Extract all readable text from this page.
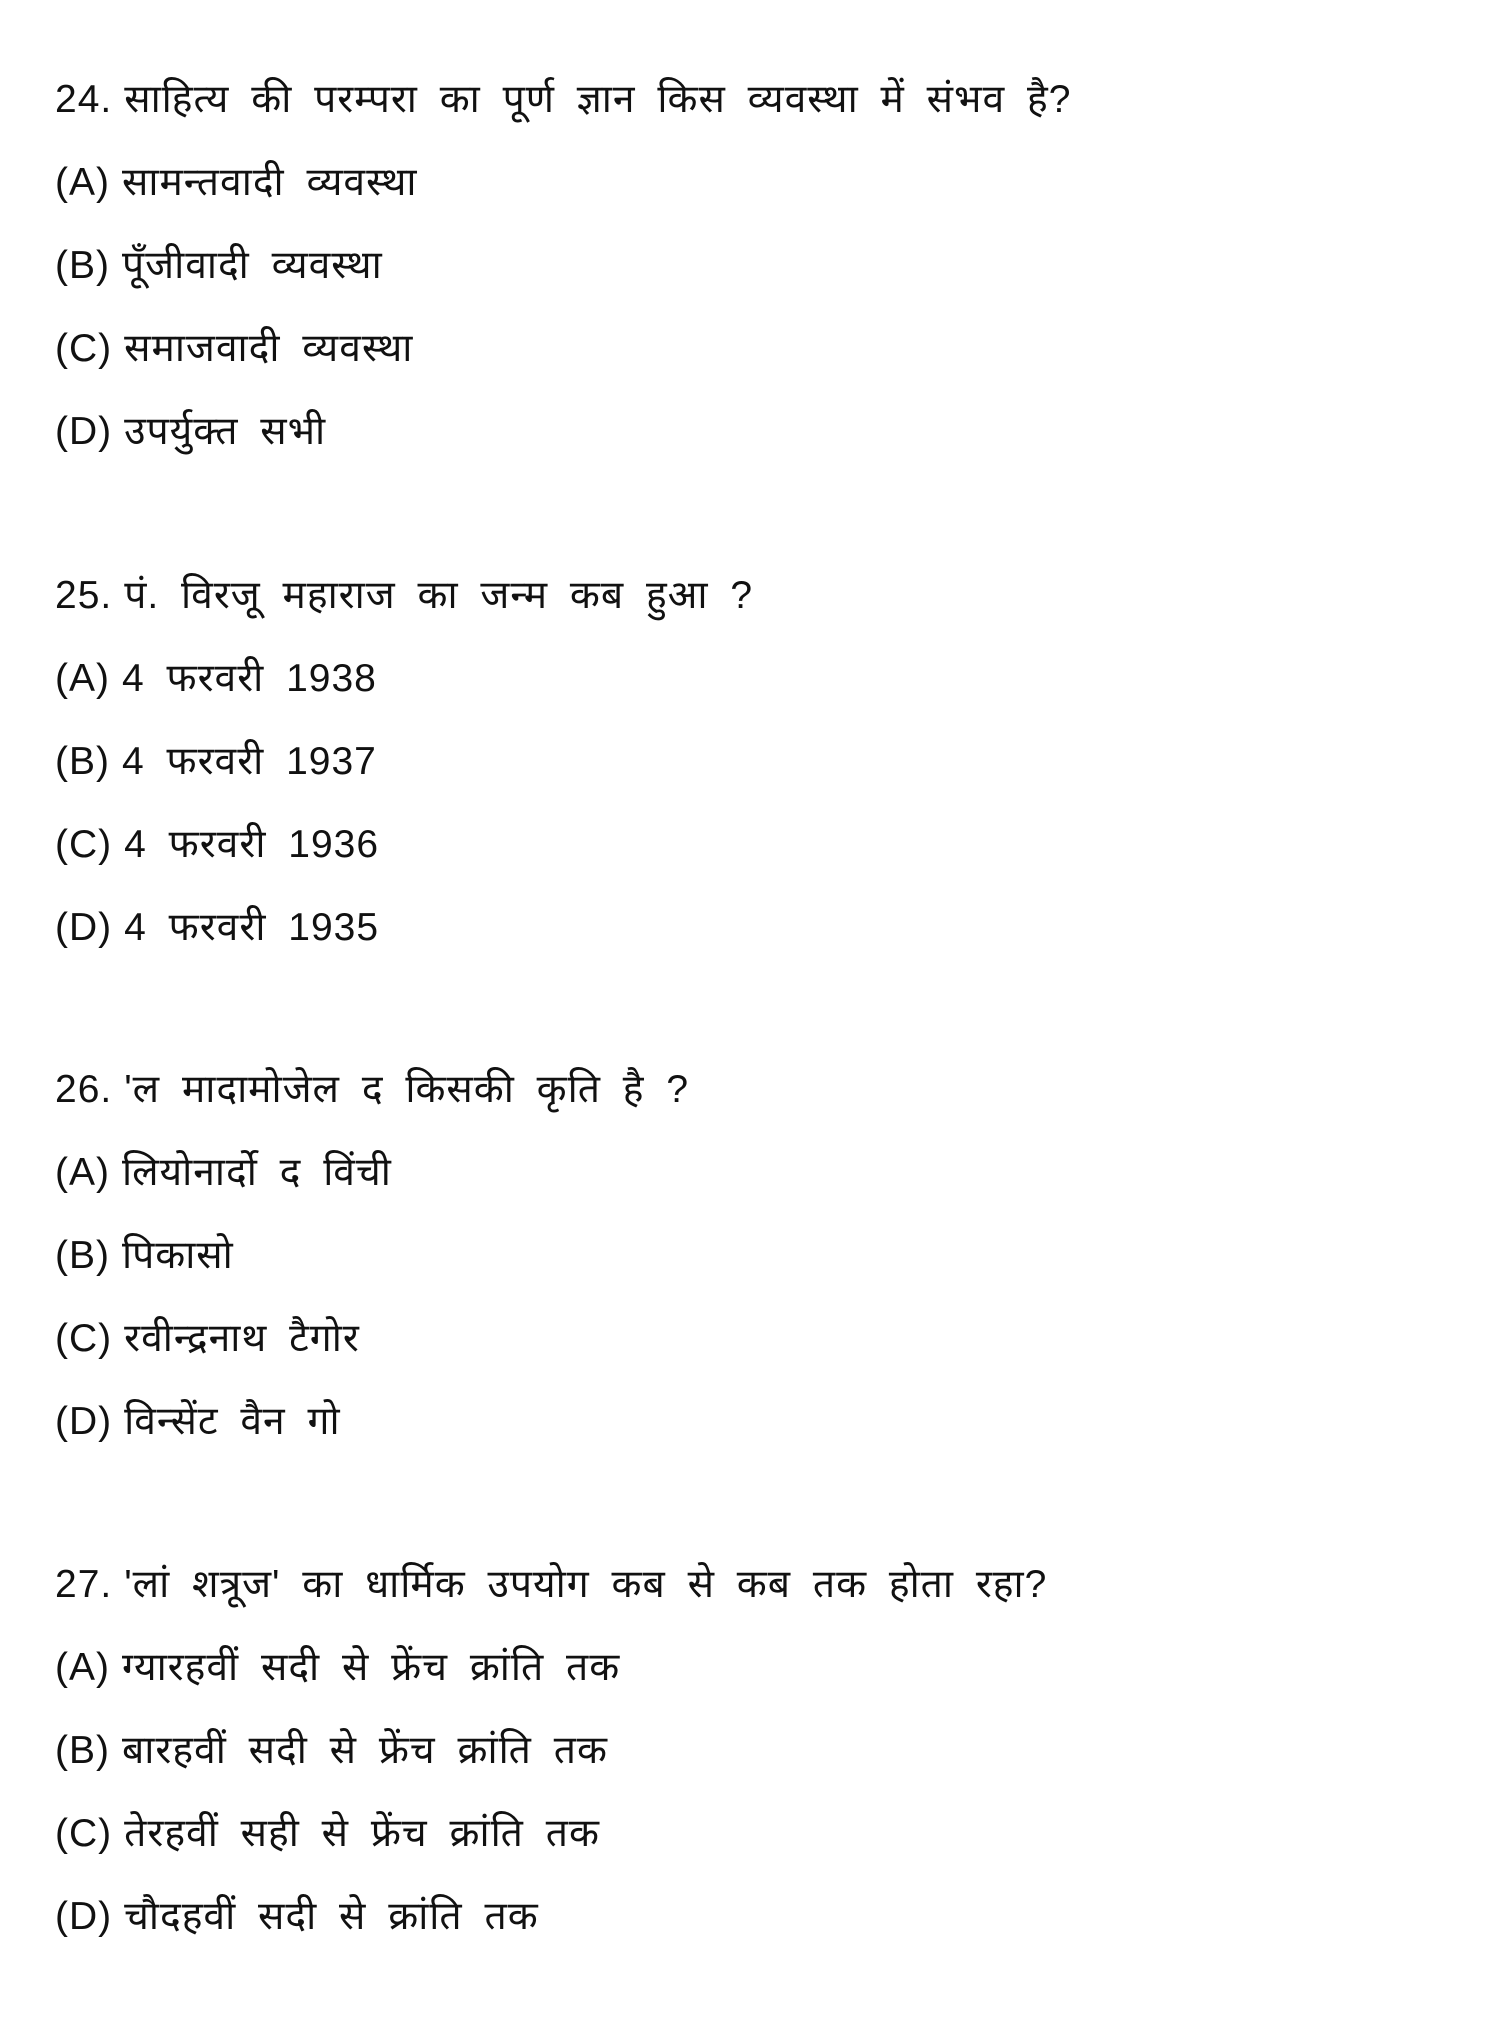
24. साहित्य की परम्परा का पूर्ण ज्ञान किस व्यवस्था में संभव है?
(A) सामन्तवादी व्यवस्था
(B) पूँजीवादी व्यवस्था
(C) समाजवादी व्यवस्था
(D) उपर्युक्त सभी
25. पं. विरजू महाराज का जन्म कब हुआ ?
(A) 4 फरवरी 1938
(B) 4 फरवरी 1937
(C) 4 फरवरी 1936
(D) 4 फरवरी 1935
26. 'ल मादामोजेल द किसकी कृति है ?
(A) लियोनार्दो द विंची
(B) पिकासो
(C) रवीन्द्रनाथ टैगोर
(D) विन्सेंट वैन गो
27. 'लां शत्रूज' का धार्मिक उपयोग कब से कब तक होता रहा?
(A) ग्यारहवीं सदी से फ्रेंच क्रांति तक
(B) बारहवीं सदी से फ्रेंच क्रांति तक
(C) तेरहवीं सही से फ्रेंच क्रांति तक
(D) चौदहवीं सदी से क्रांति तक
